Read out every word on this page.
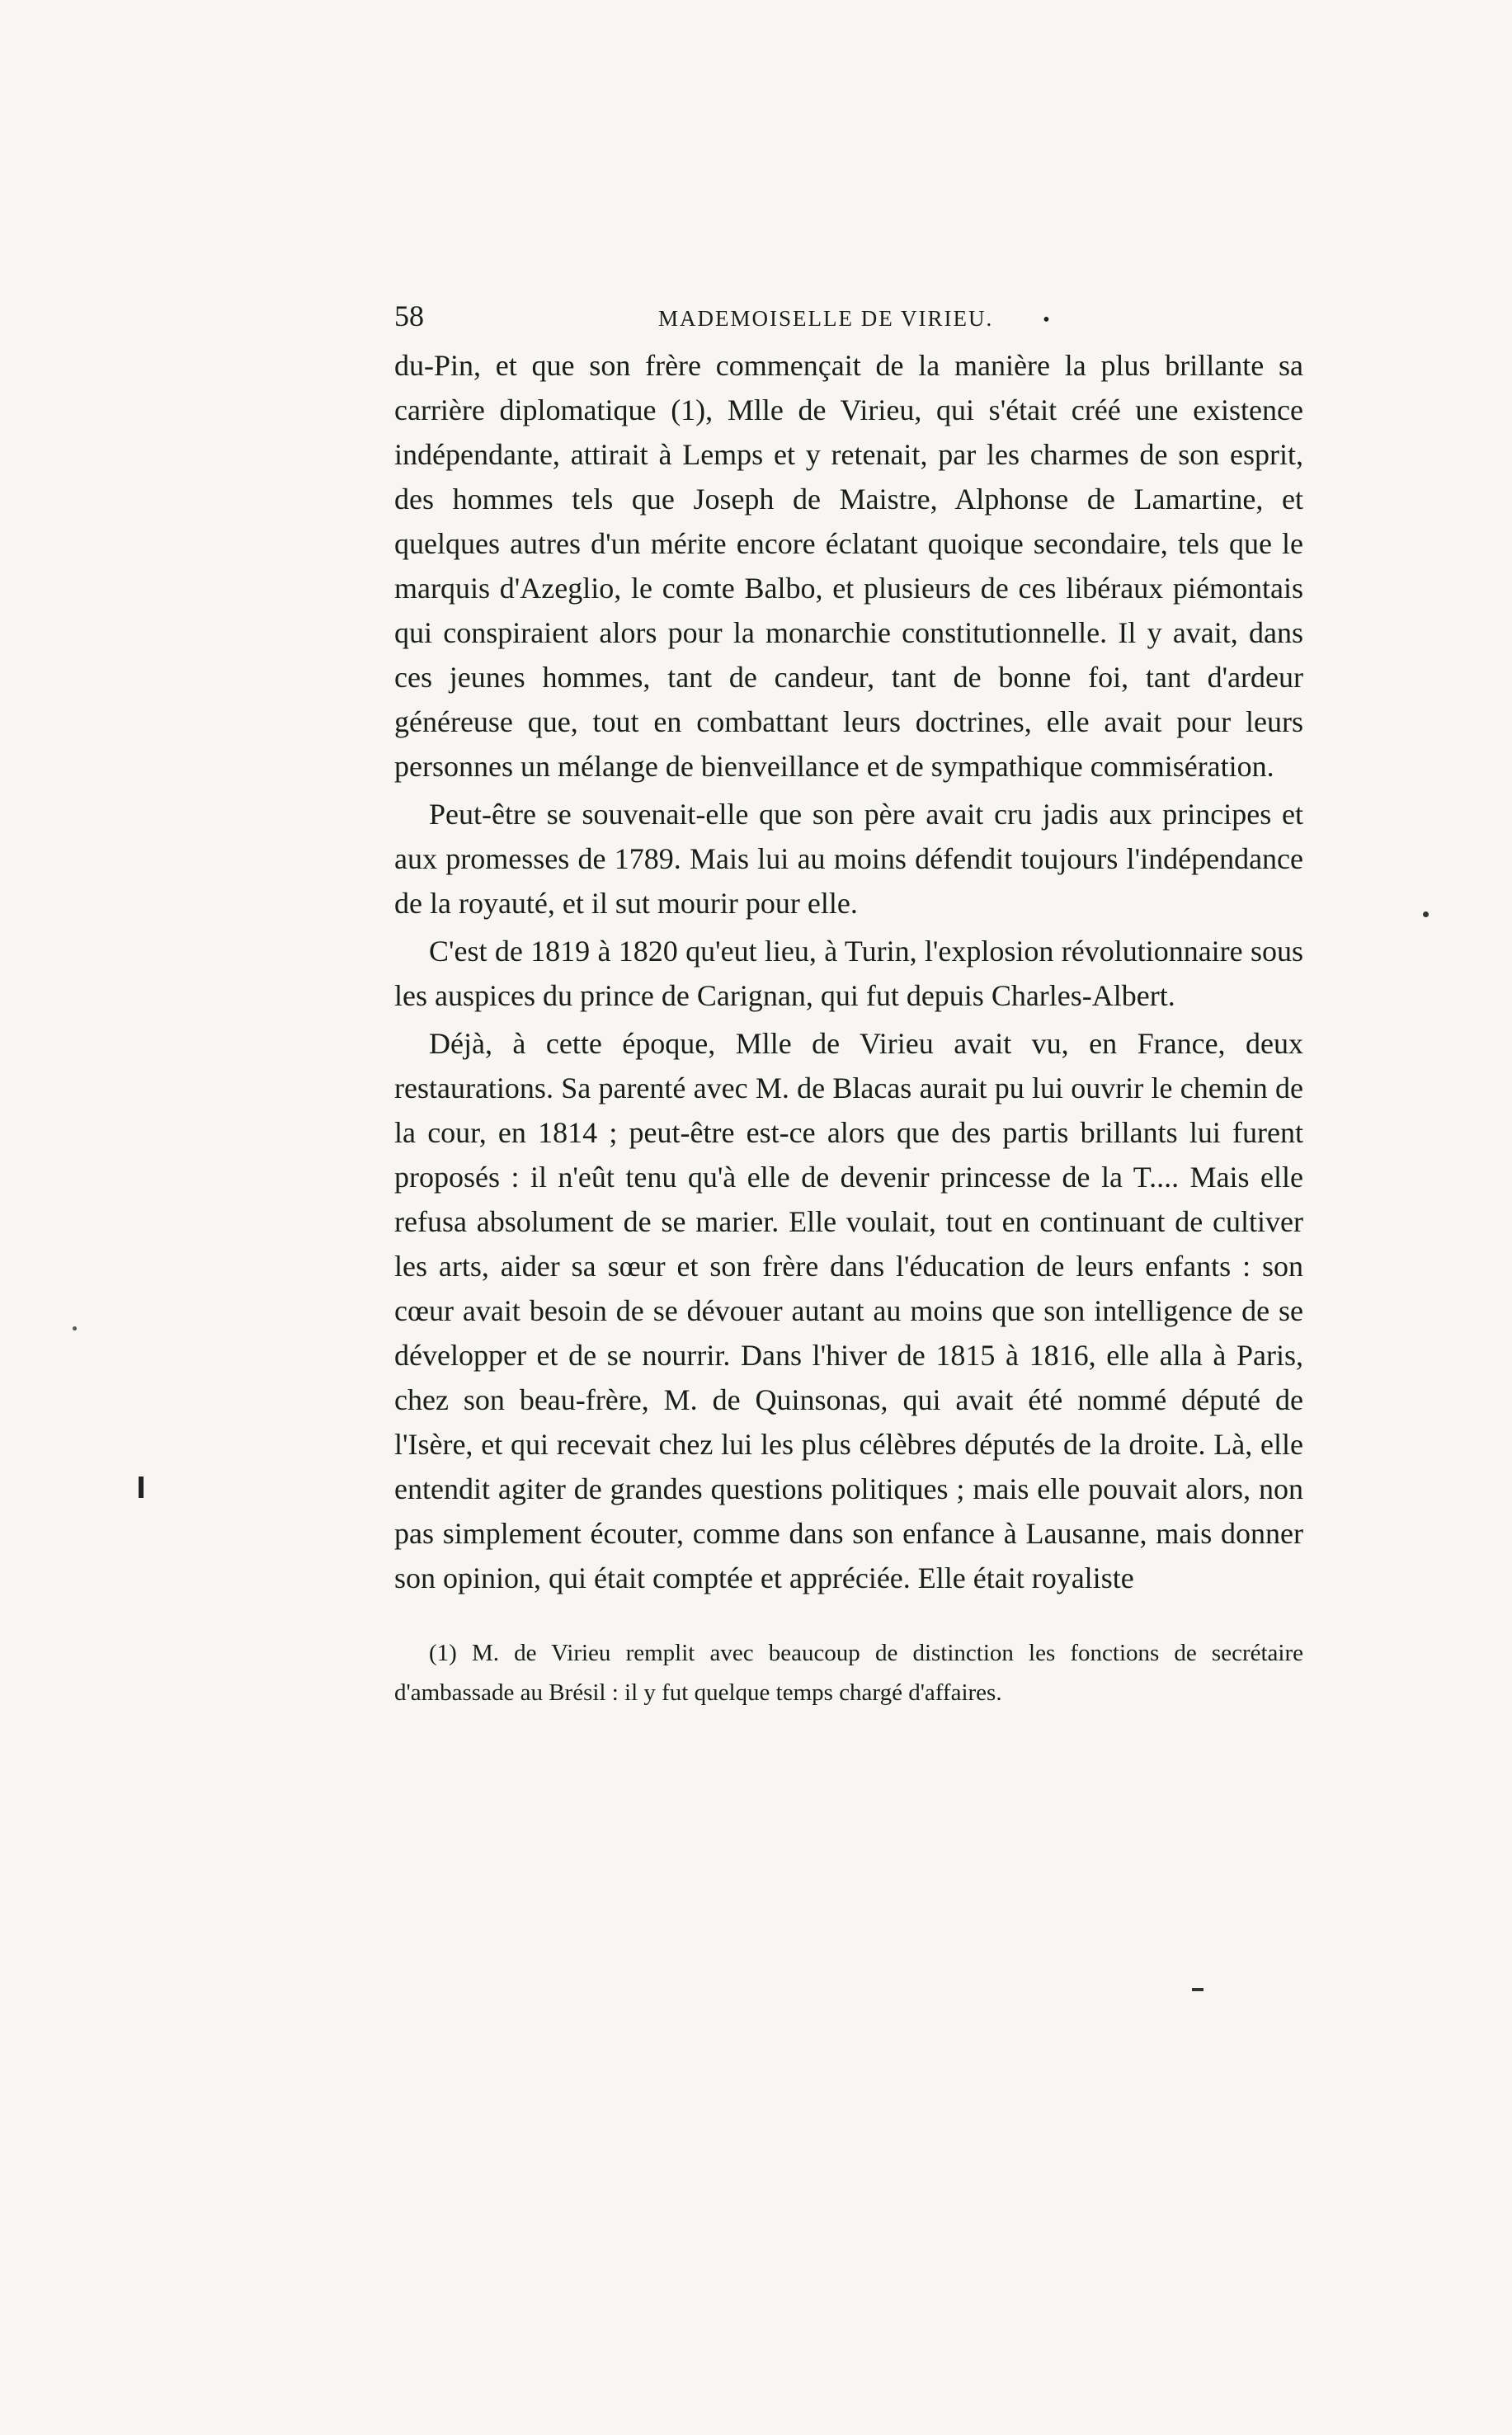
58	MADEMOISELLE DE VIRIEU.	•

du-Pin, et que son frère commençait de la manière la plus brillante sa carrière diplomatique (1), Mlle de Virieu, qui s'était créé une existence indépendante, attirait à Lemps et y retenait, par les charmes de son esprit, des hommes tels que Joseph de Maistre, Alphonse de Lamartine, et quelques autres d'un mérite encore éclatant quoique secondaire, tels que le marquis d'Azeglio, le comte Balbo, et plusieurs de ces libéraux piémontais qui conspiraient alors pour la monarchie constitutionnelle. Il y avait, dans ces jeunes hommes, tant de candeur, tant de bonne foi, tant d'ardeur généreuse que, tout en combattant leurs doctrines, elle avait pour leurs personnes un mélange de bienveillance et de sympathique commisération.

Peut-être se souvenait-elle que son père avait cru jadis aux principes et aux promesses de 1789. Mais lui au moins défendit toujours l'indépendance de la royauté, et il sut mourir pour elle.

C'est de 1819 à 1820 qu'eut lieu, à Turin, l'explosion révolutionnaire sous les auspices du prince de Carignan, qui fut depuis Charles-Albert.

Déjà, à cette époque, Mlle de Virieu avait vu, en France, deux restaurations. Sa parenté avec M. de Blacas aurait pu lui ouvrir le chemin de la cour, en 1814 ; peut-être est-ce alors que des partis brillants lui furent proposés : il n'eût tenu qu'à elle de devenir princesse de la T.... Mais elle refusa absolument de se marier. Elle voulait, tout en continuant de cultiver les arts, aider sa sœur et son frère dans l'éducation de leurs enfants : son cœur avait besoin de se dévouer autant au moins que son intelligence de se développer et de se nourrir. Dans l'hiver de 1815 à 1816, elle alla à Paris, chez son beau-frère, M. de Quinsonas, qui avait été nommé député de l'Isère, et qui recevait chez lui les plus célèbres députés de la droite. Là, elle entendit agiter de grandes questions politiques ; mais elle pouvait alors, non pas simplement écouter, comme dans son enfance à Lausanne, mais donner son opinion, qui était comptée et appréciée. Elle était royaliste

(1) M. de Virieu remplit avec beaucoup de distinction les fonctions de secrétaire d'ambassade au Brésil : il y fut quelque temps chargé d'affaires.
